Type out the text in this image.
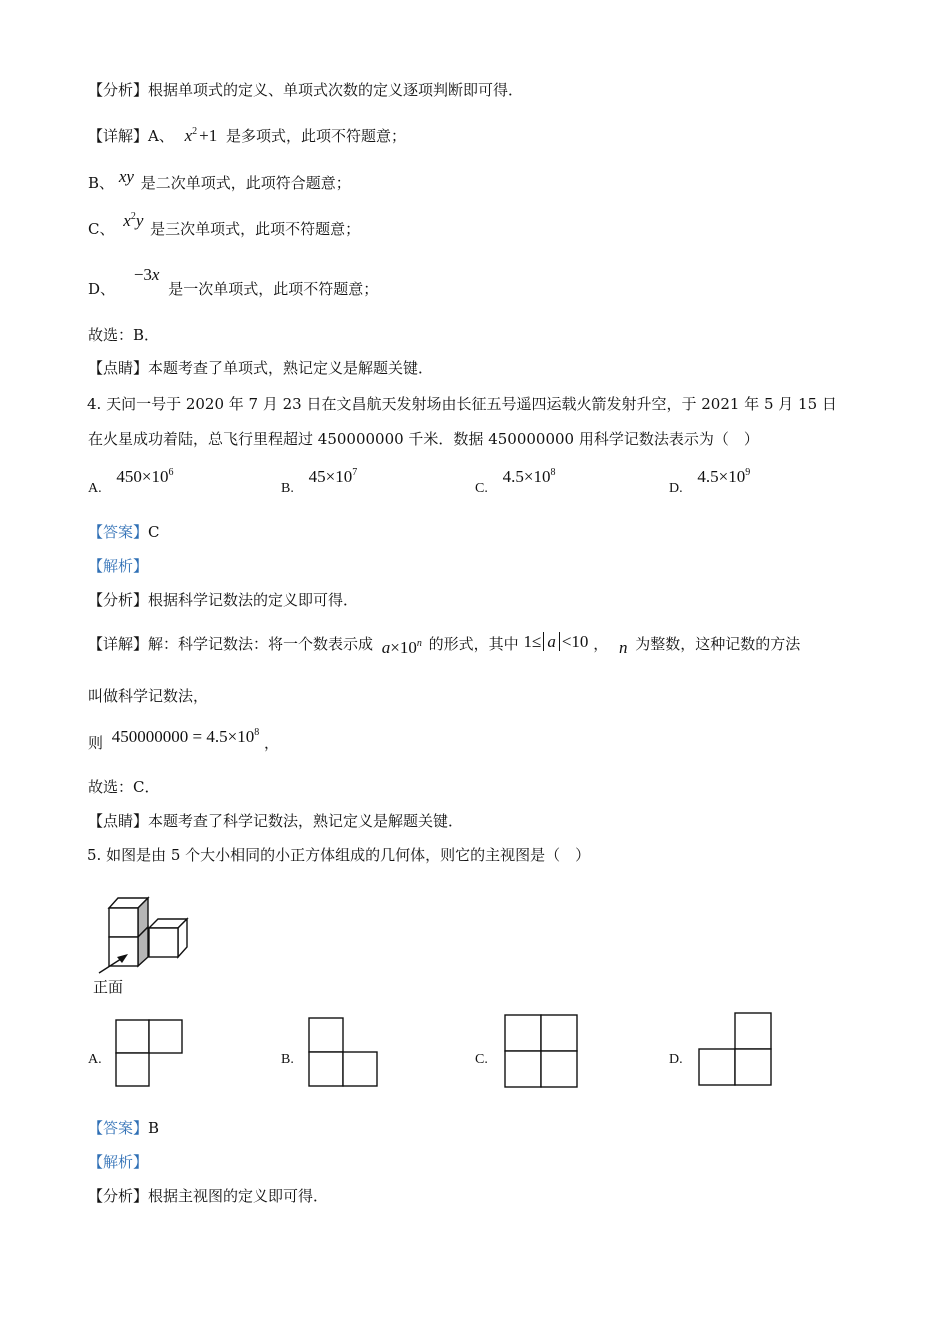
【分析】根据单项式的定义、单项式次数的定义逐项判断即可得．
【详解】A、 $x^2 +1$ 是多项式，此项不符题意；
B、 xy 是二次单项式，此项符合题意；
C、 $x^2y$ 是三次单项式，此项不符题意；
D、 −3x 是一次单项式，此项不符题意；
故选：B．
【点睛】本题考查了单项式，熟记定义是解题关键．
4. 天问一号于 2020 年 7 月 23 日在文昌航天发射场由长征五号遥四运载火箭发射升空，于 2021 年 5 月 15 日
在火星成功着陆，总飞行里程超过 450000000 千米．数据 450000000 用科学记数法表示为（　）
A. $450\times 10^6$
B. $45\times 10^7$
C. $4.5\times 10^8$
D. $4.5\times 10^9$
【答案】C
【解析】
【分析】根据科学记数法的定义即可得．
【详解】解：科学记数法：将一个数表示成 $a\times 10^n$ 的形式，其中 1≤ a <10 ， n 为整数，这种记数的方法
叫做科学记数法，
则 $450000000 = 4.5\times 10^8$ ，
故选：C．
【点睛】本题考查了科学记数法，熟记定义是解题关键．
5. 如图是由 5 个大小相同的小正方体组成的几何体，则它的主视图是（　）
正面
A.	B.	C.	D.
【答案】B
【解析】
【分析】根据主视图的定义即可得．
